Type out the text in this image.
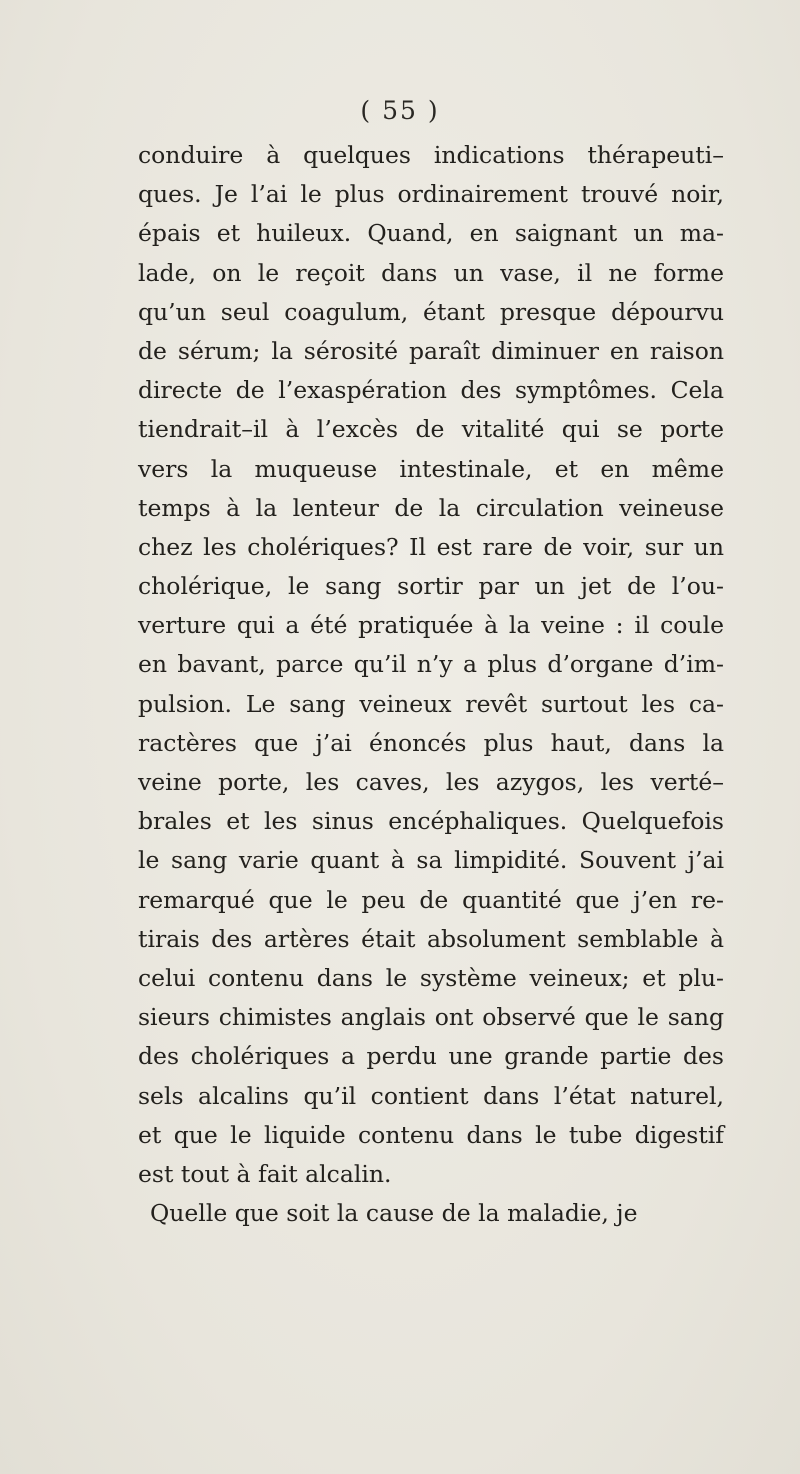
( 55 )
conduire à quelques indications thérapeuti–
ques. Je l’ai le plus ordinairement trouvé noir,
épais et huileux. Quand, en saignant un ma-
lade, on le reçoit dans un vase, il ne forme
qu’un seul coagulum, étant presque dépourvu
de sérum; la sérosité paraît diminuer en raison
directe de l’exaspération des symptômes. Cela
tiendrait–il à l’excès de vitalité qui se porte
vers la muqueuse intestinale, et en même
temps à la lenteur de la circulation veineuse
chez les cholériques? Il est rare de voir, sur un
cholérique, le sang sortir par un jet de l’ou-
verture qui a été pratiquée à la veine : il coule
en bavant, parce qu’il n’y a plus d’organe d’im-
pulsion. Le sang veineux revêt surtout les ca-
ractères que j’ai énoncés plus haut, dans la
veine porte, les caves, les azygos, les verté–
brales et les sinus encéphaliques. Quelquefois
le sang varie quant à sa limpidité. Souvent j’ai
remarqué que le peu de quantité que j’en re-
tirais des artères était absolument semblable à
celui contenu dans le système veineux; et plu-
sieurs chimistes anglais ont observé que le sang
des cholériques a perdu une grande partie des
sels alcalins qu’il contient dans l’état naturel,
et que le liquide contenu dans le tube digestif
est tout à fait alcalin.
Quelle que soit la cause de la maladie, je
